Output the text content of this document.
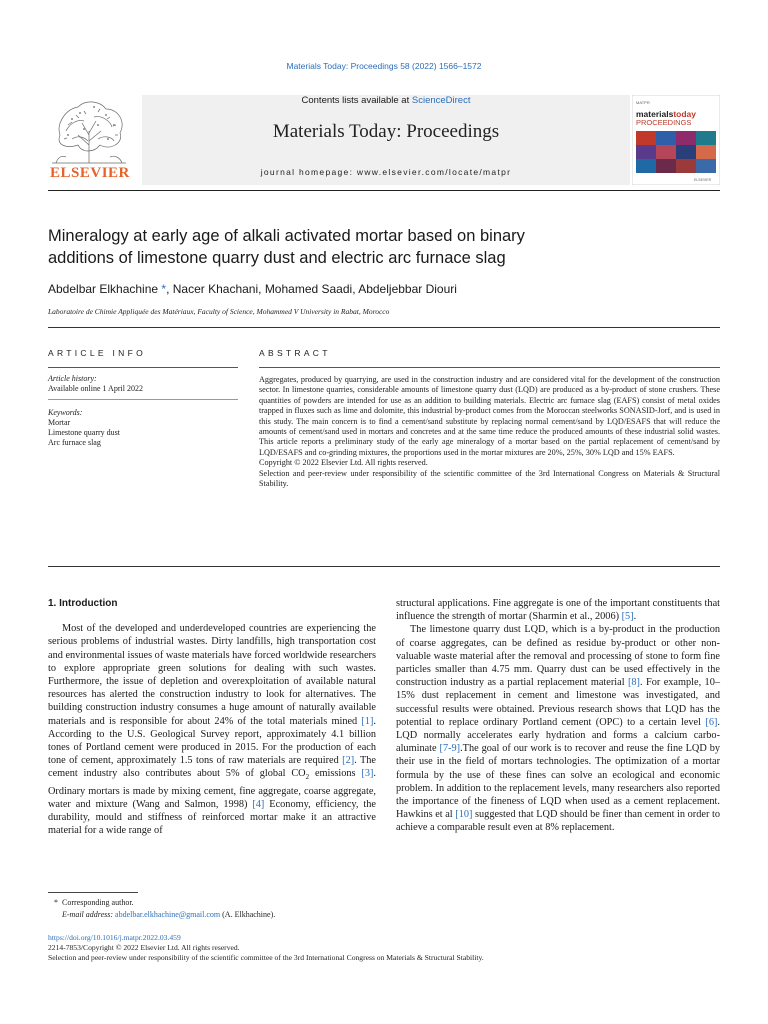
Materials Today: Proceedings 58 (2022) 1566–1572
ELSEVIER
Contents lists available at ScienceDirect
Materials Today: Proceedings
journal homepage: www.elsevier.com/locate/matpr
MATPR
materialstoday
PROCEEDINGS
ELSEVIER
Mineralogy at early age of alkali activated mortar based on binary
additions of limestone quarry dust and electric arc furnace slag
Abdelbar Elkhachine *, Nacer Khachani, Mohamed Saadi, Abdeljebbar Diouri
Laboratoire de Chimie Appliquée des Matériaux, Faculty of Science, Mohammed V University in Rabat, Morocco
ARTICLE INFO	ABSTRACT
Article history:
Available online 1 April 2022
Keywords:
Mortar
Limestone quarry dust
Arc furnace slag

Aggregates, produced by quarrying, are used in the construction industry and are considered vital for the development of the construction sector. In limestone quarries, considerable amounts of limestone quarry dust (LQD) are produced as a by-product of stone crushers. These quantities of powders are intended for use as an addition to building materials. Electric arc furnace slag (EAFS) consist of metal oxides trapped in fluxes such as lime and dolomite, this industrial by-product comes from the Moroccan steelworks SONASID-Jorf, and is used in this study. The main concern is to find a cement/sand substitute by replacing normal cement/sand by LQD/ESAFS that will reduce the amounts of cement/sand used in mortars and concretes and at the same time reduce the produced amounts of these industrial solid wastes. This article reports a preliminary study of the early age mineralogy of a mortar based on the partial replacement of cement/sand by LQD/ESAFS and co-grinding mixtures, the proportions used in the mortar mixtures are 20%, 25%, 30% LQD and 15% EAFS.

Copyright © 2022 Elsevier Ltd. All rights reserved.

Selection and peer-review under responsibility of the scientific committee of the 3rd International Congress on Materials & Structural Stability.

1. Introduction

Most of the developed and underdeveloped countries are experiencing the serious problems of industrial wastes. Dirty landfills, high transportation cost and environmental issues of waste materials have forced worldwide researchers to explore appropriate green solutions for dealing with such wastes. Furthermore, the issue of depletion and overexploitation of available natural resources has alerted the construction industry to look for alternatives. The building construction industry consumes a huge amount of naturally available materials and is responsible for about 24% of the total materials mined [1]. According to the U.S. Geological Survey report, approximately 4.1 billion tones of Portland cement were produced in 2015. For the production of each tone of cement, approximately 1.5 tons of raw materials are required [2]. The cement industry also contributes about 5% of global $CO_2$ emissions [3]. Ordinary mortars is made by mixing cement, fine aggregate, coarse aggregate, water and mixture (Wang and Salmon, 1998) [4] Economy, efficiency, the durability, mould and stiffness of reinforced mortar make it an attractive material for a wide range of

structural applications. Fine aggregate is one of the important constituents that influence the strength of mortar (Sharmin et al., 2006) [5].

The limestone quarry dust LQD, which is a by-product in the production of coarse aggregates, can be defined as residue by-product or other non-valuable waste material after the removal and processing of stone to form fine particles smaller than 4.75 mm. Quarry dust can be used effectively in the construction industry as a partial replacement material [8]. For example, 10–15% dust replacement in cement and limestone was investigated, and successful results were obtained. Previous research shows that LQD has the potential to replace ordinary Portland cement (OPC) to a certain level [6]. LQD normally accelerates early hydration and forms a calcium carbo-aluminate [7-9].The goal of our work is to recover and reuse the fine LQD by their use in the field of mortars technologies. The optimization of a mortar formula by the use of these fines can solve an ecological and economic problem. In addition to the replacement levels, many researchers also reported the importance of the fineness of LQD when used as a cement replacement. Hawkins et al [10] suggested that LQD should be finer than cement in order to achieve a comparable result even at 8% replacement.

* Corresponding author.
E-mail address: abdelbar.elkhachine@gmail.com (A. Elkhachine).
https://doi.org/10.1016/j.matpr.2022.03.459
2214-7853/Copyright © 2022 Elsevier Ltd. All rights reserved.
Selection and peer-review under responsibility of the scientific committee of the 3rd International Congress on Materials & Structural Stability.
